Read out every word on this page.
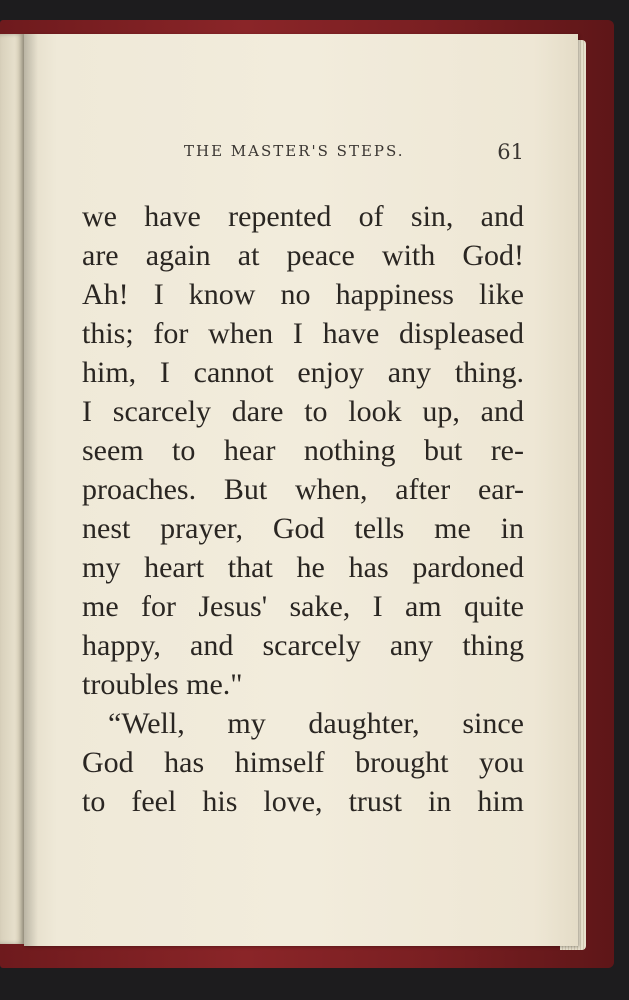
THE MASTER'S STEPS.	61
we have repented of sin, and
are again at peace with God!
Ah! I know no happiness like
this; for when I have displeased
him, I cannot enjoy any thing.
I scarcely dare to look up, and
seem to hear nothing but re-
proaches. But when, after ear-
nest prayer, God tells me in
my heart that he has pardoned
me for Jesus' sake, I am quite
happy, and scarcely any thing
troubles me."
“Well, my daughter, since
God has himself brought you
to feel his love, trust in him
